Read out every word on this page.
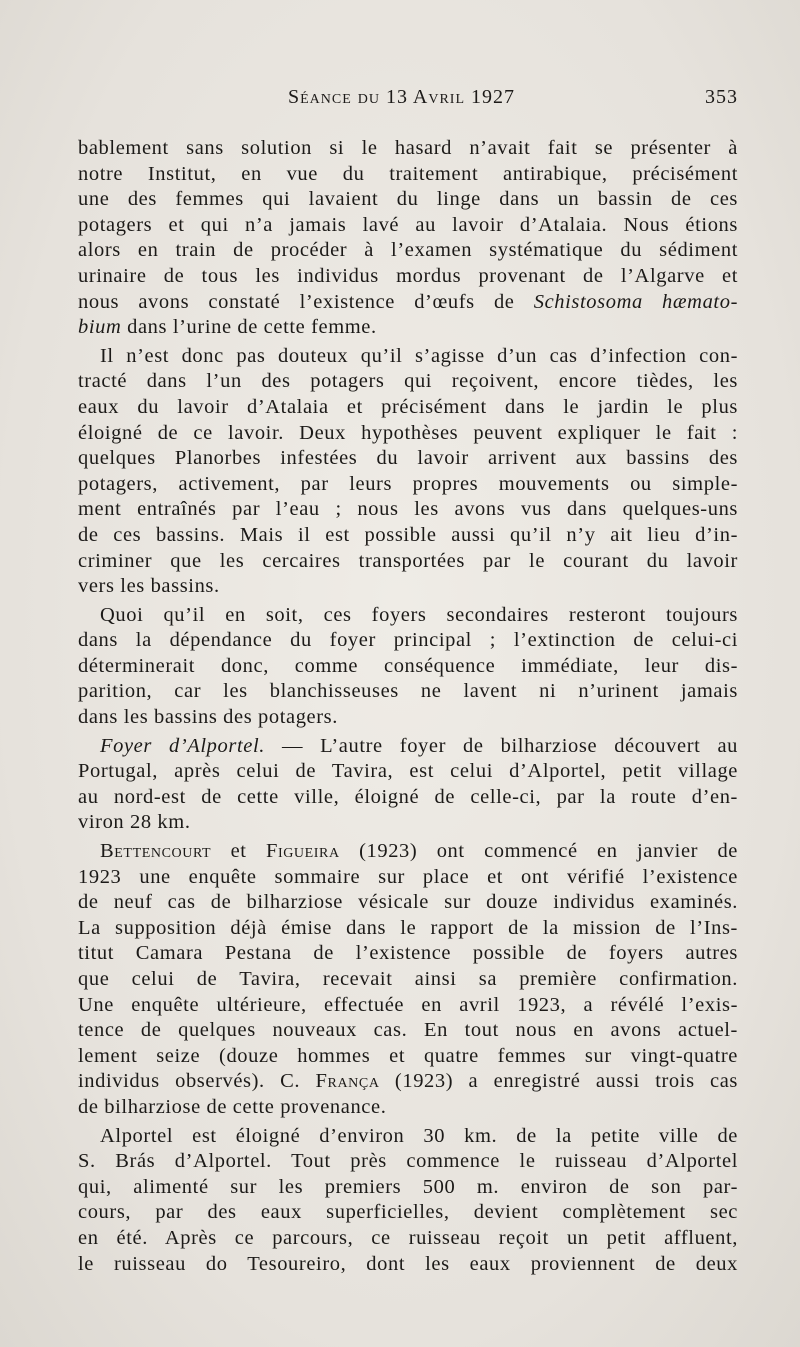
Séance du 13 Avril 1927	353
bablement sans solution si le hasard n’avait fait se présenter à
notre Institut, en vue du traitement antirabique, précisément
une des femmes qui lavaient du linge dans un bassin de ces
potagers et qui n’a jamais lavé au lavoir d’Atalaia. Nous étions
alors en train de procéder à l’examen systématique du sédiment
urinaire de tous les individus mordus provenant de l’Algarve et
nous avons constaté l’existence d’œufs de Schistosoma hæmato-
bium dans l’urine de cette femme.
Il n’est donc pas douteux qu’il s’agisse d’un cas d’infection con-
tracté dans l’un des potagers qui reçoivent, encore tièdes, les
eaux du lavoir d’Atalaia et précisément dans le jardin le plus
éloigné de ce lavoir. Deux hypothèses peuvent expliquer le fait :
quelques Planorbes infestées du lavoir arrivent aux bassins des
potagers, activement, par leurs propres mouvements ou simple-
ment entraînés par l’eau ; nous les avons vus dans quelques-uns
de ces bassins. Mais il est possible aussi qu’il n’y ait lieu d’in-
criminer que les cercaires transportées par le courant du lavoir
vers les bassins.
Quoi qu’il en soit, ces foyers secondaires resteront toujours
dans la dépendance du foyer principal ; l’extinction de celui-ci
déterminerait donc, comme conséquence immédiate, leur dis-
parition, car les blanchisseuses ne lavent ni n’urinent jamais
dans les bassins des potagers.
Foyer d’Alportel. — L’autre foyer de bilharziose découvert au
Portugal, après celui de Tavira, est celui d’Alportel, petit village
au nord-est de cette ville, éloigné de celle-ci, par la route d’en-
viron 28 km.
Bettencourt et Figueira (1923) ont commencé en janvier de
1923 une enquête sommaire sur place et ont vérifié l’existence
de neuf cas de bilharziose vésicale sur douze individus examinés.
La supposition déjà émise dans le rapport de la mission de l’Ins-
titut Camara Pestana de l’existence possible de foyers autres
que celui de Tavira, recevait ainsi sa première confirmation.
Une enquête ultérieure, effectuée en avril 1923, a révélé l’exis-
tence de quelques nouveaux cas. En tout nous en avons actuel-
lement seize (douze hommes et quatre femmes sur vingt-quatre
individus observés). C. França (1923) a enregistré aussi trois cas
de bilharziose de cette provenance.
Alportel est éloigné d’environ 30 km. de la petite ville de
S. Brás d’Alportel. Tout près commence le ruisseau d’Alportel
qui, alimenté sur les premiers 500 m. environ de son par-
cours, par des eaux superficielles, devient complètement sec
en été. Après ce parcours, ce ruisseau reçoit un petit affluent,
le ruisseau do Tesoureiro, dont les eaux proviennent de deux
